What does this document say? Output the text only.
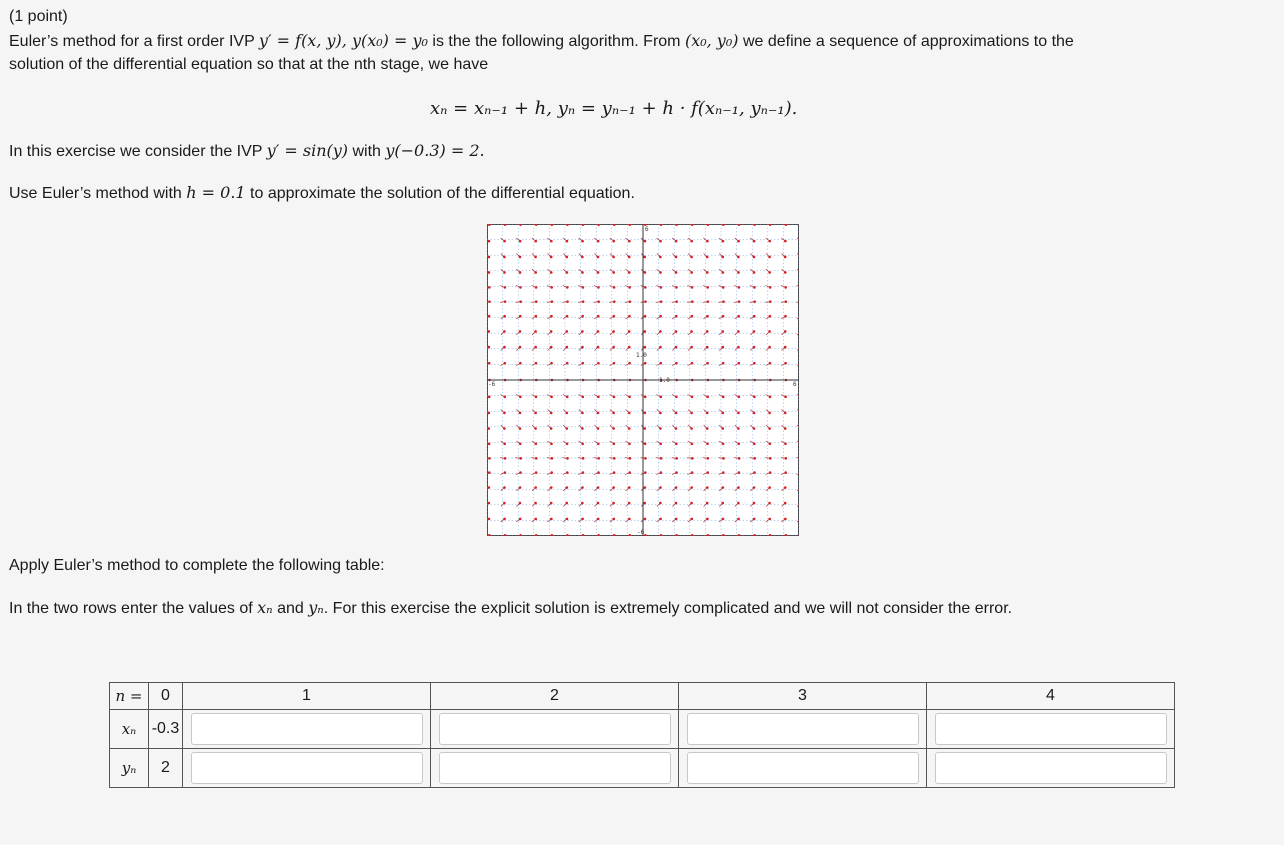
(1 point)

Euler’s method for a first order IVP y′ = f(x, y), y(x₀) = y₀ is the the following algorithm. From (x₀, y₀) we define a sequence of approximations to the

solution of the differential equation so that at the nth stage, we have

xₙ = xₙ₋₁ + h, yₙ = yₙ₋₁ + h · f(xₙ₋₁, yₙ₋₁).

In this exercise we consider the IVP y′ = sin(y) with y(−0.3) = 2.

Use Euler’s method with h = 0.1 to approximate the solution of the differential equation.

6
-6
-6	6
1.0
1.0

Apply Euler’s method to complete the following table:

In the two rows enter the values of xₙ and yₙ. For this exercise the explicit solution is extremely complicated and we will not consider the error.

n =	0	1	2	3	4
xₙ	-0.3				
yₙ	2				
